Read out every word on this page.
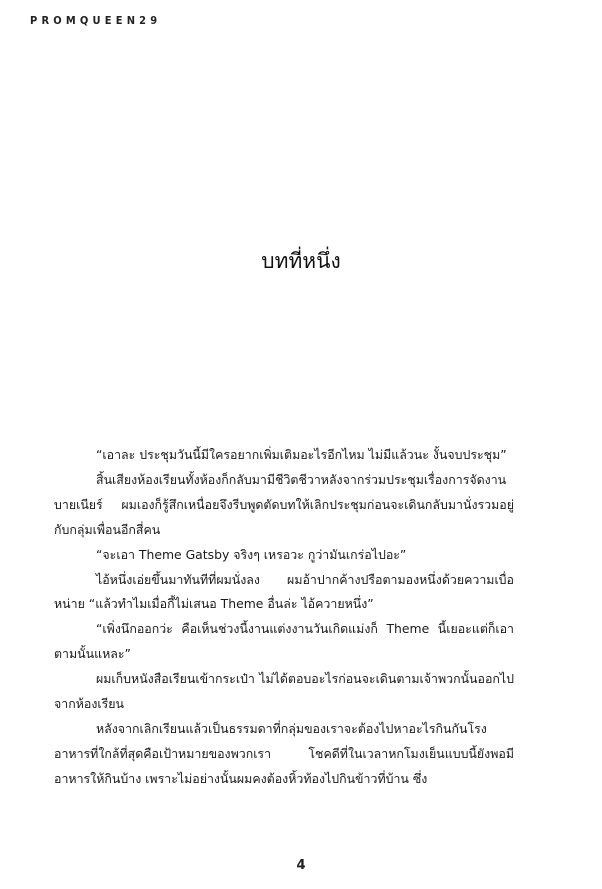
PROMQUEEN29
บทที่หนึ่ง

“เอาละ ประชุมวันนี้มีใครอยากเพิ่มเติมอะไรอีกไหม ไม่มีแล้วนะ งั้นจบประชุม”

สิ้นเสียงห้องเรียนทั้งห้องก็กลับมามีชีวิตชีวาหลังจากร่วมประชุมเรื่องการจัดงานบายเนียร์ ผมเองก็รู้สึกเหนื่อยจึงรีบพูดตัดบทให้เลิกประชุมก่อนจะเดินกลับมานั่งรวมอยู่กับกลุ่มเพื่อนอีกสี่คน

“จะเอา Theme Gatsby จริงๆ เหรอวะ กูว่ามันเกร่อไปอะ”

ไอ้หนึ่งเอ่ยขึ้นมาทันทีที่ผมนั่งลง ผมอ้าปากค้างปรือตามองหนึ่งด้วยความเบื่อหน่าย “แล้วทำไมเมื่อกี้ไม่เสนอ Theme อื่นล่ะ ไอ้ควายหนึ่ง”

“เพิ่งนึกออกว่ะ คือเห็นช่วงนี้งานแต่งงานวันเกิดแม่งก็ Theme นี้เยอะแต่ก็เอาตามนั้นแหละ”

ผมเก็บหนังสือเรียนเข้ากระเป๋า ไม่ได้ตอบอะไรก่อนจะเดินตามเจ้าพวกนั้นออกไปจากห้องเรียน

หลังจากเลิกเรียนแล้วเป็นธรรมดาที่กลุ่มของเราจะต้องไปหาอะไรกินกันโรงอาหารที่ใกล้ที่สุดคือเป้าหมายของพวกเรา โชคดีที่ในเวลาหกโมงเย็นแบบนี้ยังพอมีอาหารให้กินบ้าง เพราะไม่อย่างนั้นผมคงต้องหิ้วท้องไปกินข้าวที่บ้าน ซึ่ง

4
